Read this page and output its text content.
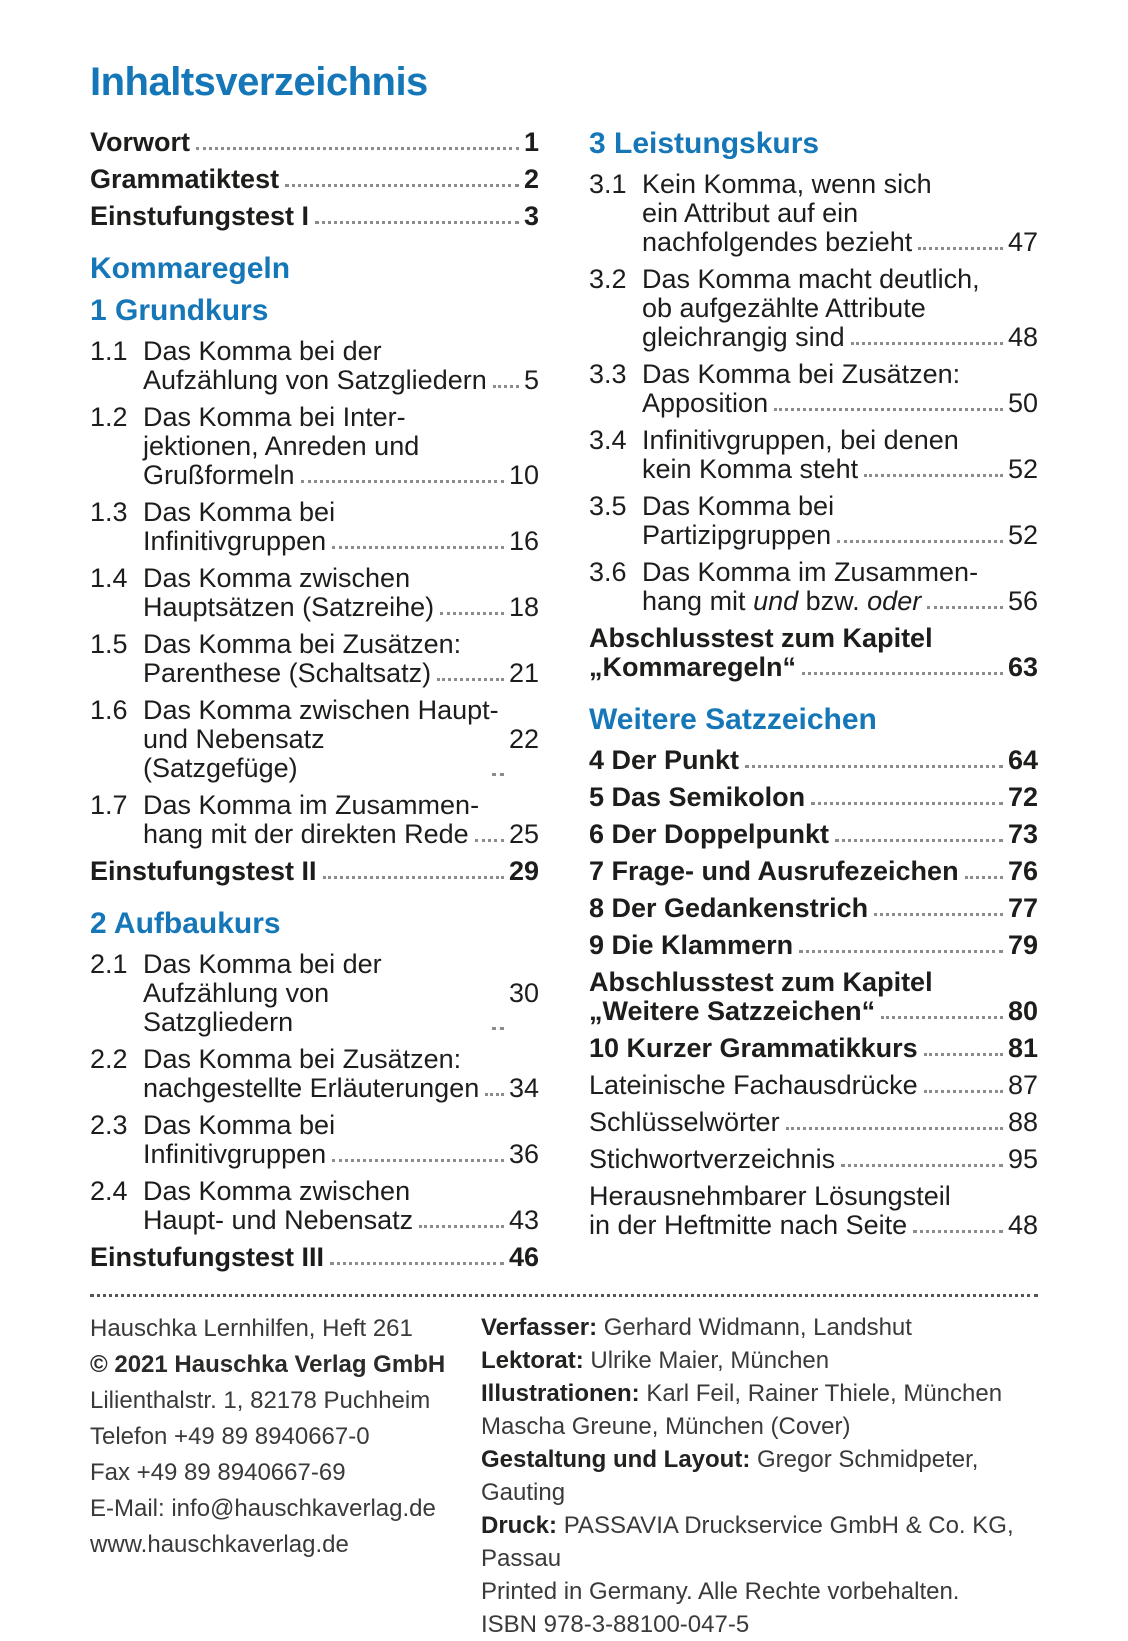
Inhaltsverzeichnis
Vorwort	1
Grammatiktest	2
Einstufungstest I	3
Kommaregeln
1 Grundkurs
1.1 Das Komma bei der
Aufzählung von Satzgliedern 5
1.2 Das Komma bei Inter-
jektionen, Anreden und
Grußformeln	10
1.3 Das Komma bei
Infinitivgruppen	16
1.4 Das Komma zwischen
Hauptsätzen (Satzreihe)	18
1.5 Das Komma bei Zusätzen:
Parenthese (Schaltsatz)	21
1.6 Das Komma zwischen Haupt-
und Nebensatz (Satzgefüge)
22
1.7 Das Komma im Zusammen-
hang mit der direkten Rede 25
Einstufungstest II	29
2 Aufbaukurs
2.1 Das Komma bei der
Aufzählung von Satzgliedern
30
2.2 Das Komma bei Zusätzen:
nachgestellte Erläuterungen 34
2.3 Das Komma bei
Infinitivgruppen	36
2.4 Das Komma zwischen
Haupt- und Nebensatz	43
Einstufungstest III	46
3 Leistungskurs
3.1 Kein Komma, wenn sich
ein Attribut auf ein
nachfolgendes bezieht	47
3.2 Das Komma macht deutlich,
ob aufgezählte Attribute
gleichrangig sind	48
3.3 Das Komma bei Zusätzen:
Apposition	50
3.4 Infinitivgruppen, bei denen
kein Komma steht	52
3.5 Das Komma bei
Partizipgruppen	52
3.6 Das Komma im Zusammen-
hang mit und bzw. oder	56
Abschlusstest zum Kapitel
„Kommaregeln“	63
Weitere Satzzeichen
4 Der Punkt	64
5 Das Semikolon	72
6 Der Doppelpunkt	73
7 Frage- und Ausrufezeichen 76
8 Der Gedankenstrich	77
9 Die Klammern	79
Abschlusstest zum Kapitel
„Weitere Satzzeichen“	80
10 Kurzer Grammatikkurs	81
Lateinische Fachausdrücke	87
Schlüsselwörter	88
Stichwortverzeichnis	95
Herausnehmbarer Lösungsteil
in der Heftmitte nach Seite	48
Hauschka Lernhilfen, Heft 261
© 2021 Hauschka Verlag GmbH
Lilienthalstr. 1, 82178 Puchheim
Telefon +49 89 8940667-0
Fax +49 89 8940667-69
E-Mail: info@hauschkaverlag.de
www.hauschkaverlag.de
Verfasser: Gerhard Widmann, Landshut
Lektorat: Ulrike Maier, München
Illustrationen: Karl Feil, Rainer Thiele, München
Mascha Greune, München (Cover)
Gestaltung und Layout: Gregor Schmidpeter, Gauting
Druck: PASSAVIA Druckservice GmbH & Co. KG, Passau
Printed in Germany. Alle Rechte vorbehalten.
ISBN 978-3-88100-047-5
